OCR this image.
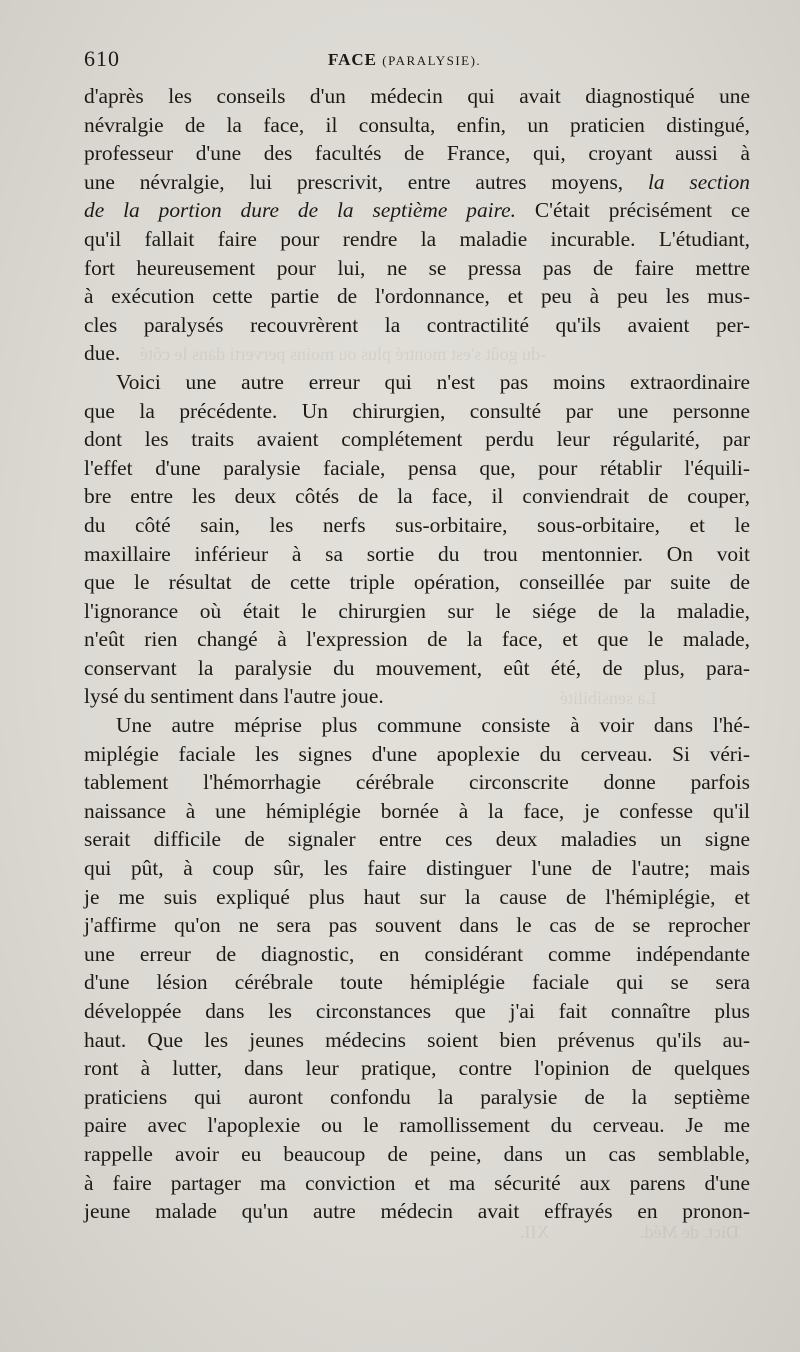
-du goût s'est montré plus ou moins perverti dans le côté
La sensibilité
XII.	Dict. de Méd.
610	FACE (PARALYSIE).
d'après les conseils d'un médecin qui avait diagnostiqué une
névralgie de la face, il consulta, enfin, un praticien distingué,
professeur d'une des facultés de France, qui, croyant aussi à
une névralgie, lui prescrivit, entre autres moyens, la section
de la portion dure de la septième paire. C'était précisément ce
qu'il fallait faire pour rendre la maladie incurable. L'étudiant,
fort heureusement pour lui, ne se pressa pas de faire mettre
à exécution cette partie de l'ordonnance, et peu à peu les mus-
cles paralysés recouvrèrent la contractilité qu'ils avaient per-
due.
Voici une autre erreur qui n'est pas moins extraordinaire
que la précédente. Un chirurgien, consulté par une personne
dont les traits avaient complétement perdu leur régularité, par
l'effet d'une paralysie faciale, pensa que, pour rétablir l'équili-
bre entre les deux côtés de la face, il conviendrait de couper,
du côté sain, les nerfs sus-orbitaire, sous-orbitaire, et le
maxillaire inférieur à sa sortie du trou mentonnier. On voit
que le résultat de cette triple opération, conseillée par suite de
l'ignorance où était le chirurgien sur le siége de la maladie,
n'eût rien changé à l'expression de la face, et que le malade,
conservant la paralysie du mouvement, eût été, de plus, para-
lysé du sentiment dans l'autre joue.
Une autre méprise plus commune consiste à voir dans l'hé-
miplégie faciale les signes d'une apoplexie du cerveau. Si véri-
tablement l'hémorrhagie cérébrale circonscrite donne parfois
naissance à une hémiplégie bornée à la face, je confesse qu'il
serait difficile de signaler entre ces deux maladies un signe
qui pût, à coup sûr, les faire distinguer l'une de l'autre; mais
je me suis expliqué plus haut sur la cause de l'hémiplégie, et
j'affirme qu'on ne sera pas souvent dans le cas de se reprocher
une erreur de diagnostic, en considérant comme indépendante
d'une lésion cérébrale toute hémiplégie faciale qui se sera
développée dans les circonstances que j'ai fait connaître plus
haut. Que les jeunes médecins soient bien prévenus qu'ils au-
ront à lutter, dans leur pratique, contre l'opinion de quelques
praticiens qui auront confondu la paralysie de la septième
paire avec l'apoplexie ou le ramollissement du cerveau. Je me
rappelle avoir eu beaucoup de peine, dans un cas semblable,
à faire partager ma conviction et ma sécurité aux parens d'une
jeune malade qu'un autre médecin avait effrayés en pronon-
